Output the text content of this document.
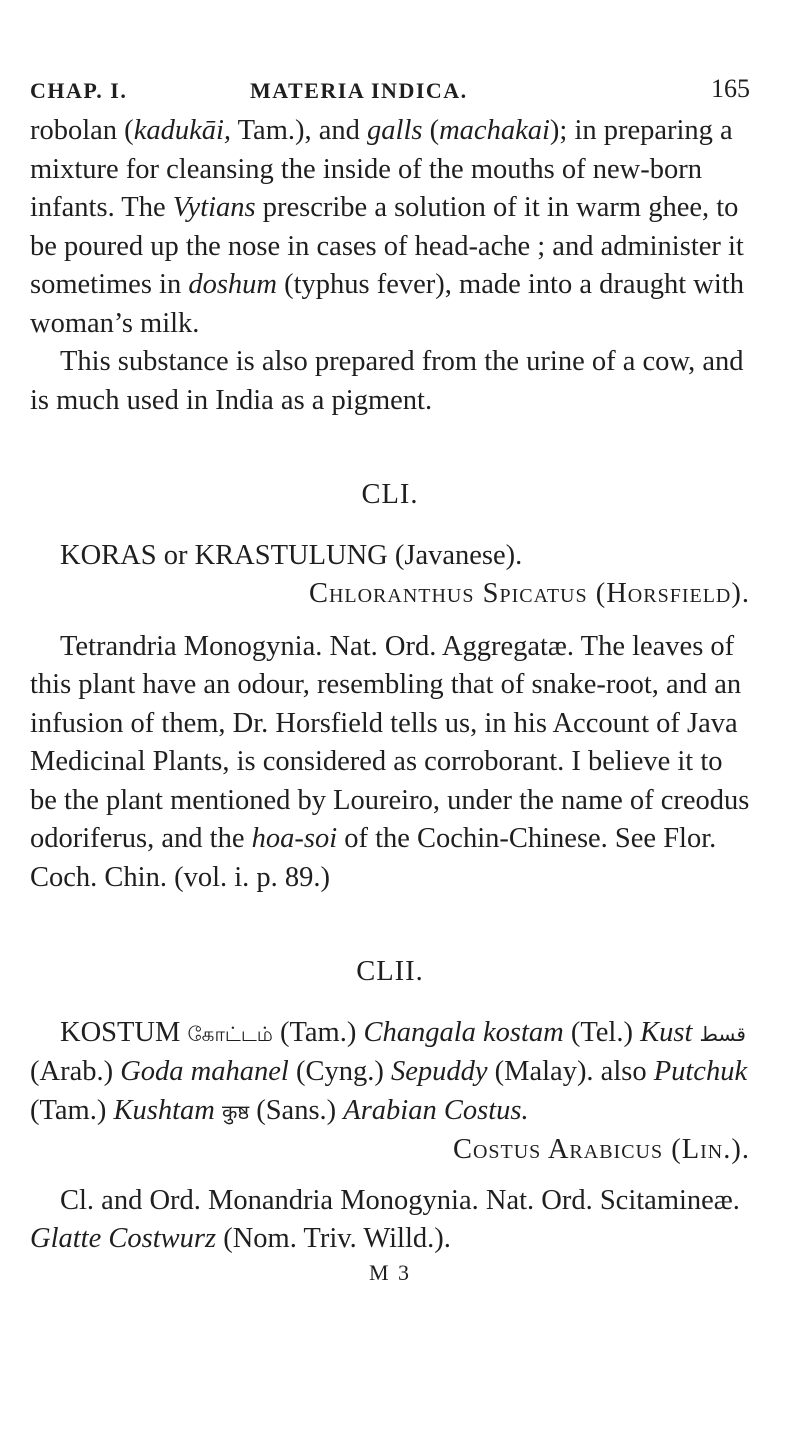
CHAP. I.	MATERIA INDICA.	165

robolan (kadukāi, Tam.), and galls (machakai); in preparing a mixture for cleansing the inside of the mouths of new-born infants. The Vytians prescribe a solution of it in warm ghee, to be poured up the nose in cases of head-ache ; and administer it sometimes in doshum (typhus fever), made into a draught with woman’s milk.

This substance is also prepared from the urine of a cow, and is much used in India as a pigment.

CLI.

KORAS or KRASTULUNG (Javanese).

Chloranthus Spicatus (Horsfield).

Tetrandria Monogynia. Nat. Ord. Aggregatæ. The leaves of this plant have an odour, resembling that of snake-root, and an infusion of them, Dr. Horsfield tells us, in his Account of Java Medicinal Plants, is considered as corroborant. I believe it to be the plant mentioned by Loureiro, under the name of creodus odoriferus, and the hoa-soi of the Cochin-Chinese. See Flor. Coch. Chin. (vol. i. p. 89.)

CLII.

KOSTUM கோட்டம் (Tam.) Changala kostam (Tel.) Kust قسط (Arab.) Goda mahanel (Cyng.) Sepuddy (Malay). also Putchuk (Tam.) Kushtam कुष्ठ (Sans.) Arabian Costus.

Costus Arabicus (Lin.).

Cl. and Ord. Monandria Monogynia. Nat. Ord. Scitamineæ. Glatte Costwurz (Nom. Triv. Willd.).

M 3
